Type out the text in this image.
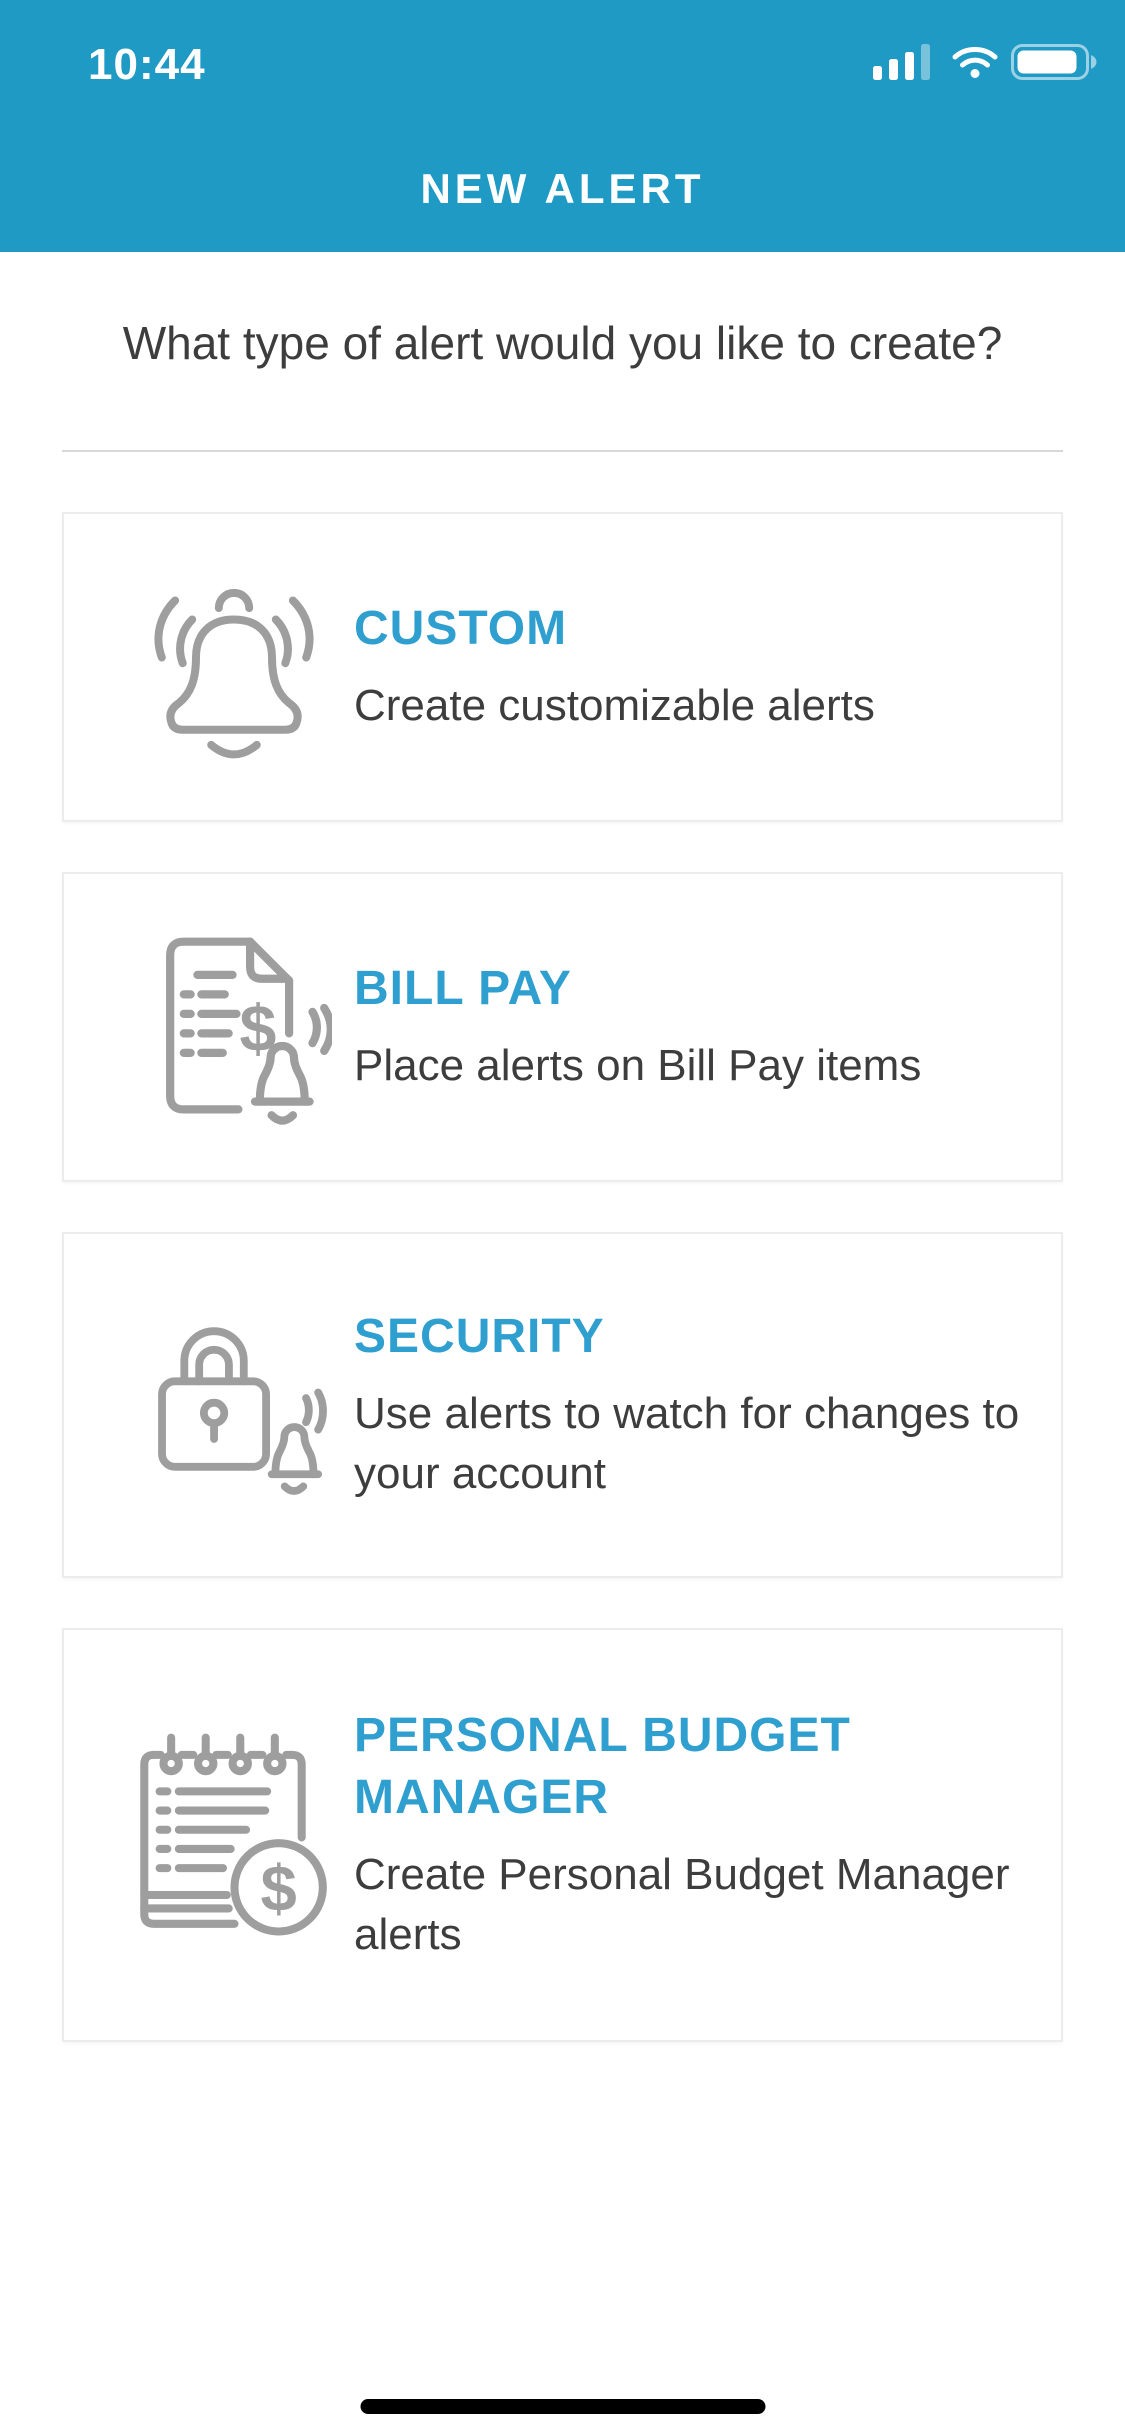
10:44
NEW ALERT
What type of alert would you like to create?
CUSTOM
Create customizable alerts
$
BILL PAY
Place alerts on Bill Pay items
SECURITY
Use alerts to watch for changes to your account
$
PERSONAL BUDGET MANAGER
Create Personal Budget Manager alerts
